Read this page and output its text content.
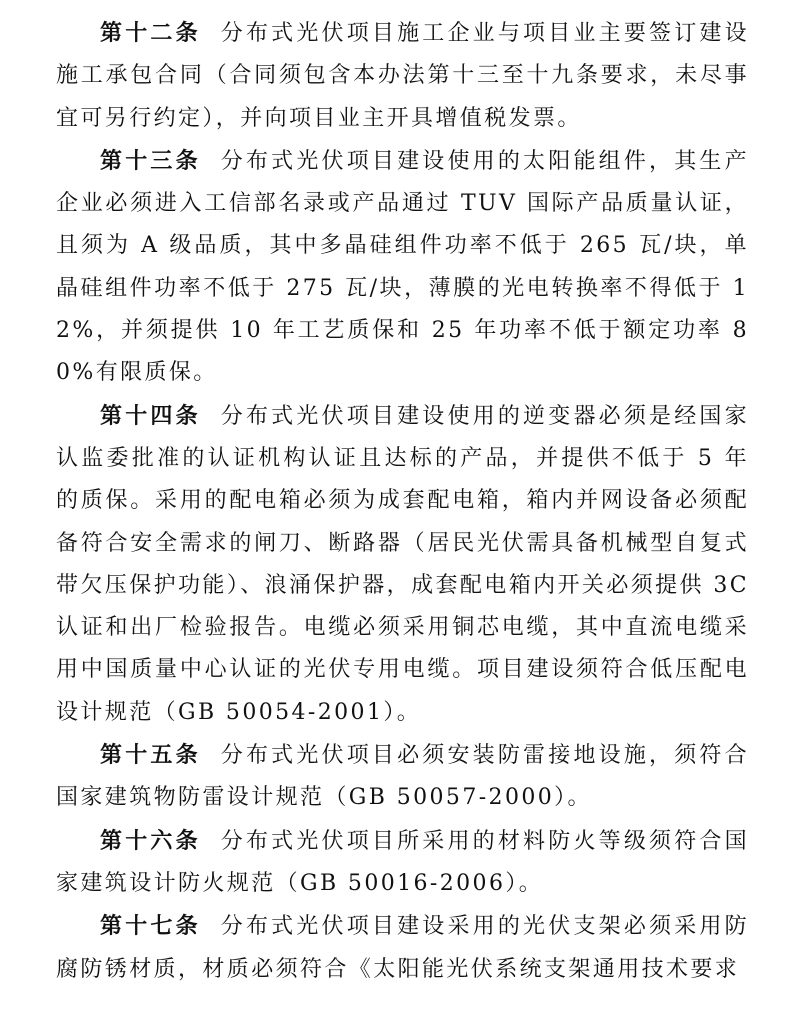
第十二条 分布式光伏项目施工企业与项目业主要签订建设施工承包合同（合同须包含本办法第十三至十九条要求，未尽事宜可另行约定），并向项目业主开具增值税发票。

第十三条 分布式光伏项目建设使用的太阳能组件，其生产企业必须进入工信部名录或产品通过 TUV 国际产品质量认证，且须为 A 级品质，其中多晶硅组件功率不低于 265 瓦/块，单晶硅组件功率不低于 275 瓦/块，薄膜的光电转换率不得低于 12%，并须提供 10 年工艺质保和 25 年功率不低于额定功率 80%有限质保。

第十四条 分布式光伏项目建设使用的逆变器必须是经国家认监委批准的认证机构认证且达标的产品，并提供不低于 5 年的质保。采用的配电箱必须为成套配电箱，箱内并网设备必须配备符合安全需求的闸刀、断路器（居民光伏需具备机械型自复式带欠压保护功能）、浪涌保护器，成套配电箱内开关必须提供 3C 认证和出厂检验报告。电缆必须采用铜芯电缆，其中直流电缆采用中国质量中心认证的光伏专用电缆。项目建设须符合低压配电设计规范（GB 50054-2001）。

第十五条 分布式光伏项目必须安装防雷接地设施，须符合国家建筑物防雷设计规范（GB 50057-2000）。

第十六条 分布式光伏项目所采用的材料防火等级须符合国家建筑设计防火规范（GB 50016-2006）。

第十七条 分布式光伏项目建设采用的光伏支架必须采用防腐防锈材质，材质必须符合《太阳能光伏系统支架通用技术要求
